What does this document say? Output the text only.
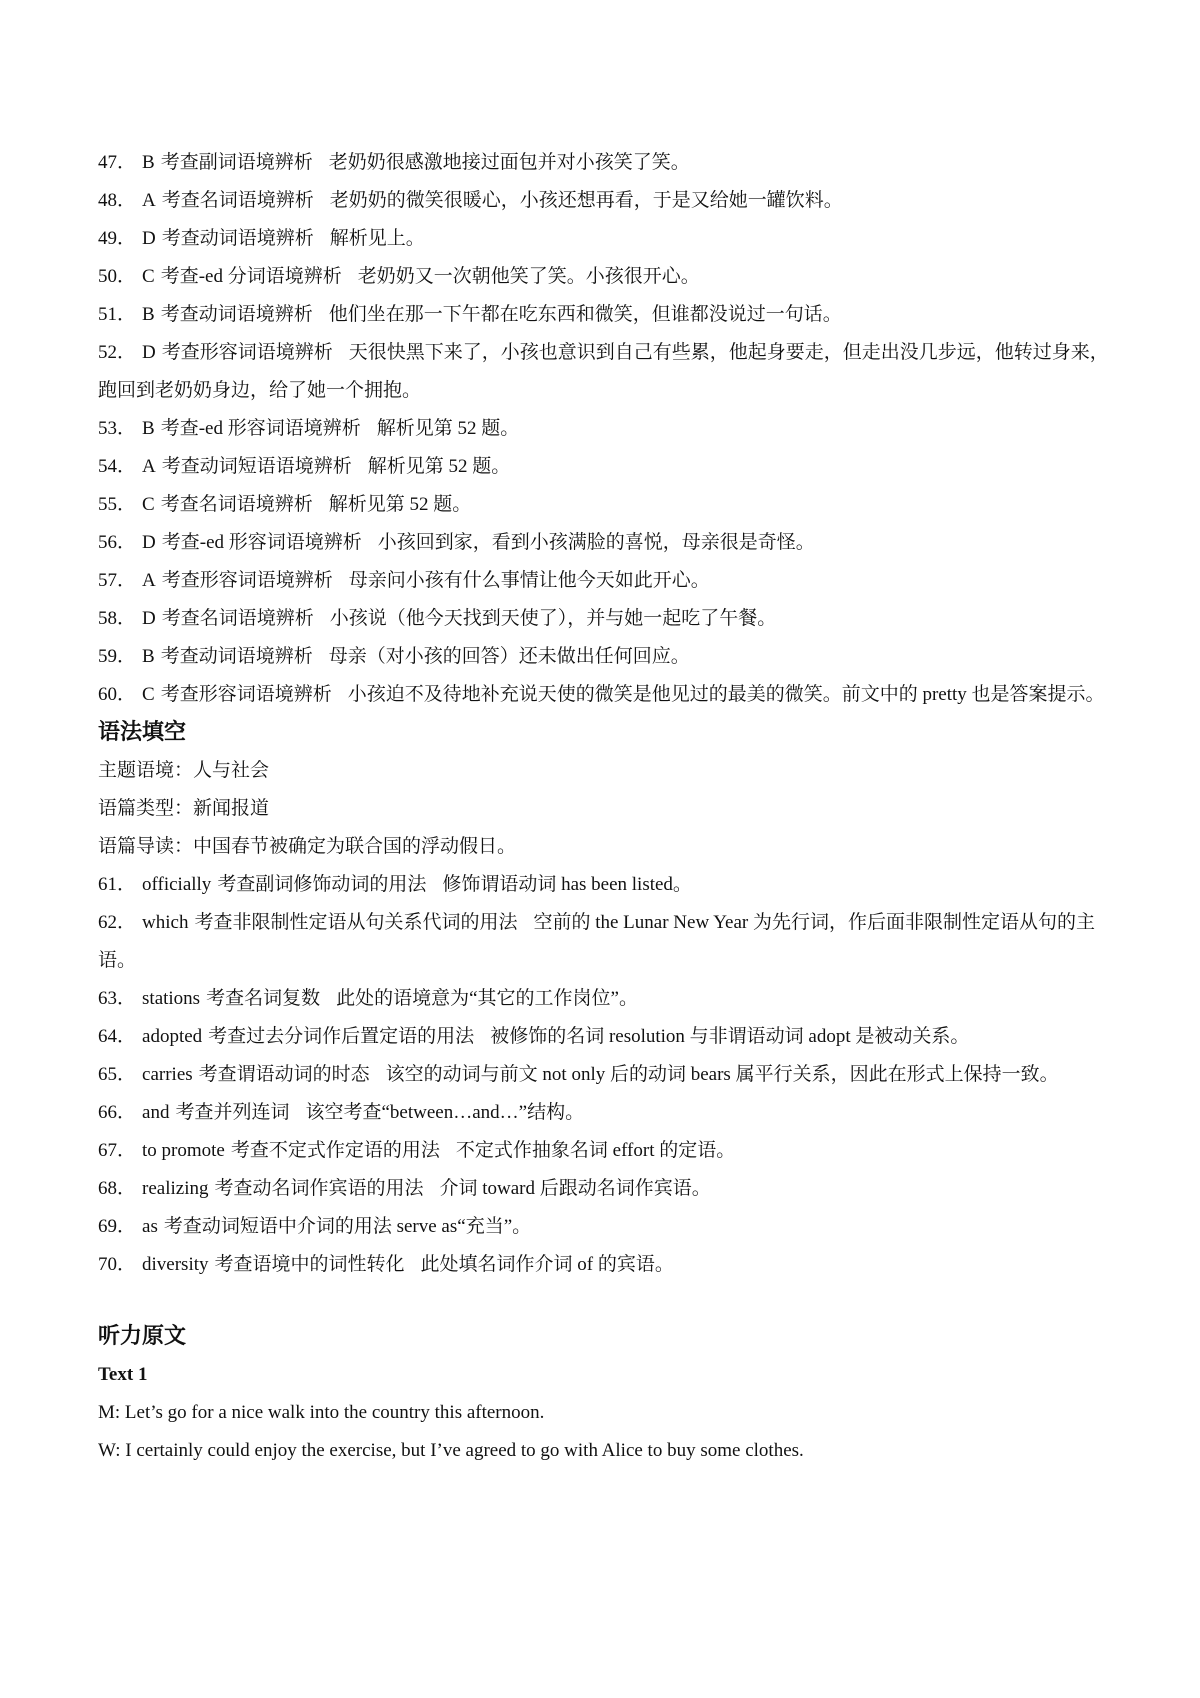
47． B 考查副词语境辨析 老奶奶很感激地接过面包并对小孩笑了笑。

48． A 考查名词语境辨析 老奶奶的微笑很暖心，小孩还想再看，于是又给她一罐饮料。

49． D 考查动词语境辨析 解析见上。

50． C 考查-ed 分词语境辨析 老奶奶又一次朝他笑了笑。小孩很开心。

51． B 考查动词语境辨析 他们坐在那一下午都在吃东西和微笑，但谁都没说过一句话。

52． D 考查形容词语境辨析 天很快黑下来了，小孩也意识到自己有些累，他起身要走，但走出没几步远，他转过身来，跑回到老奶奶身边，给了她一个拥抱。

53． B 考查-ed 形容词语境辨析 解析见第 52 题。

54． A 考查动词短语语境辨析 解析见第 52 题。

55． C 考查名词语境辨析 解析见第 52 题。

56． D 考查-ed 形容词语境辨析 小孩回到家，看到小孩满脸的喜悦，母亲很是奇怪。

57． A 考查形容词语境辨析 母亲问小孩有什么事情让他今天如此开心。

58． D 考查名词语境辨析 小孩说（他今天找到天使了），并与她一起吃了午餐。

59． B 考查动词语境辨析 母亲（对小孩的回答）还未做出任何回应。

60． C 考查形容词语境辨析 小孩迫不及待地补充说天使的微笑是他见过的最美的微笑。前文中的 pretty 也是答案提示。

语法填空

主题语境：人与社会

语篇类型：新闻报道

语篇导读：中国春节被确定为联合国的浮动假日。

61． officially 考查副词修饰动词的用法 修饰谓语动词 has been listed。

62． which 考查非限制性定语从句关系代词的用法 空前的 the Lunar New Year 为先行词，作后面非限制性定语从句的主语。

63． stations 考查名词复数 此处的语境意为“其它的工作岗位”。

64． adopted 考查过去分词作后置定语的用法 被修饰的名词 resolution 与非谓语动词 adopt 是被动关系。

65． carries 考查谓语动词的时态 该空的动词与前文 not only 后的动词 bears 属平行关系，因此在形式上保持一致。

66． and 考查并列连词 该空考查“between…and…”结构。

67． to promote 考查不定式作定语的用法 不定式作抽象名词 effort 的定语。

68． realizing 考查动名词作宾语的用法 介词 toward 后跟动名词作宾语。

69． as 考查动词短语中介词的用法 serve as“充当”。

70． diversity 考查语境中的词性转化 此处填名词作介词 of 的宾语。

听力原文

Text 1

M: Let’s go for a nice walk into the country this afternoon.

W: I certainly could enjoy the exercise, but I’ve agreed to go with Alice to buy some clothes.
